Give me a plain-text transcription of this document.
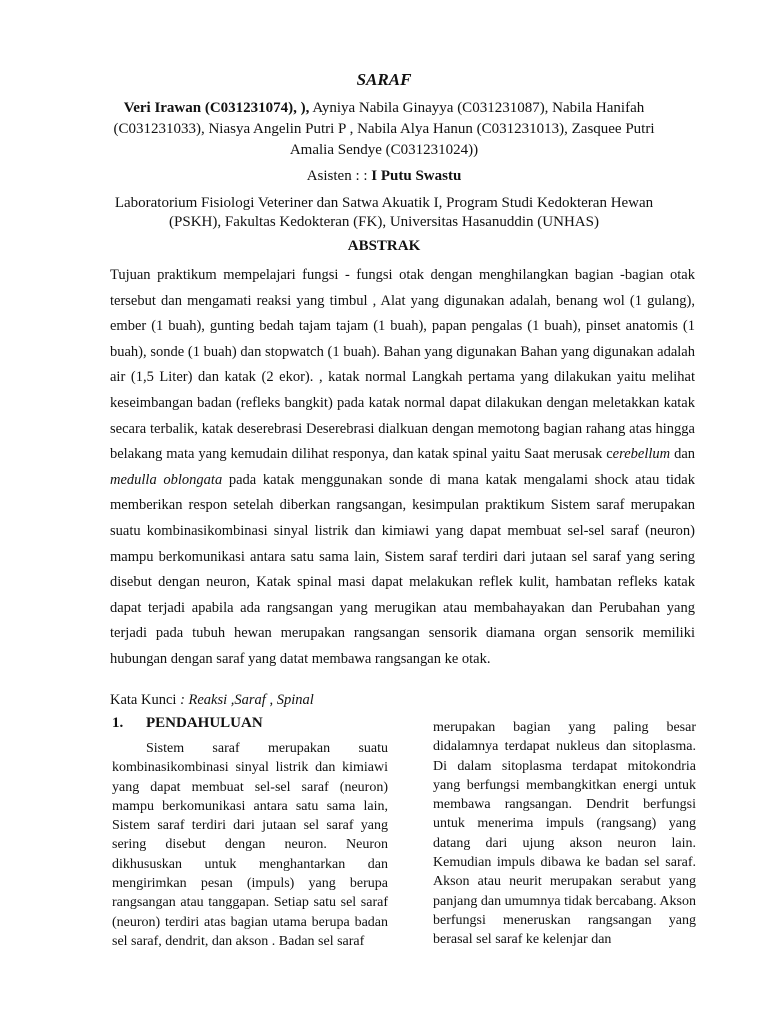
SARAF
Veri Irawan (C031231074), ), Ayniya Nabila Ginayya (C031231087), Nabila Hanifah (C031231033), Niasya Angelin Putri P , Nabila Alya Hanun (C031231013), Zasquee Putri Amalia Sendye (C031231024))
Asisten : : I Putu Swastu
Laboratorium Fisiologi Veteriner dan Satwa Akuatik I, Program Studi Kedokteran Hewan (PSKH), Fakultas Kedokteran (FK), Universitas Hasanuddin (UNHAS)
ABSTRAK
Tujuan praktikum mempelajari fungsi - fungsi otak dengan menghilangkan bagian -bagian otak tersebut dan mengamati reaksi yang timbul , Alat yang digunakan adalah, benang wol (1 gulang), ember (1 buah), gunting bedah tajam tajam (1 buah), papan pengalas (1 buah), pinset anatomis (1 buah), sonde (1 buah) dan stopwatch (1 buah). Bahan yang digunakan Bahan yang digunakan adalah air (1,5 Liter) dan katak (2 ekor). , katak normal Langkah pertama yang dilakukan yaitu melihat keseimbangan badan (refleks bangkit) pada katak normal dapat dilakukan dengan meletakkan katak secara terbalik, katak deserebrasi Deserebrasi dialkuan dengan memotong bagian rahang atas hingga belakang mata yang kemudain dilihat responya, dan katak spinal yaitu Saat merusak cerebellum dan medulla oblongata pada katak menggunakan sonde di mana katak mengalami shock atau tidak memberikan respon setelah diberkan rangsangan, kesimpulan praktikum Sistem saraf merupakan suatu kombinasikombinasi sinyal listrik dan kimiawi yang dapat membuat sel-sel saraf (neuron) mampu berkomunikasi antara satu sama lain, Sistem saraf terdiri dari jutaan sel saraf yang sering disebut dengan neuron, Katak spinal masi dapat melakukan reflek kulit, hambatan refleks katak dapat terjadi apabila ada rangsangan yang merugikan atau membahayakan dan Perubahan yang terjadi pada tubuh hewan merupakan rangsangan sensorik diamana organ sensorik memiliki hubungan dengan saraf yang datat membawa rangsangan ke otak.
Kata Kunci : Reaksi ,Saraf , Spinal
1. PENDAHULUAN

Sistem saraf merupakan suatu kombinasikombinasi sinyal listrik dan kimiawi yang dapat membuat sel-sel saraf (neuron) mampu berkomunikasi antara satu sama lain, Sistem saraf terdiri dari jutaan sel saraf yang sering disebut dengan neuron. Neuron dikhususkan untuk menghantarkan dan mengirimkan pesan (impuls) yang berupa rangsangan atau tanggapan. Setiap satu sel saraf (neuron) terdiri atas bagian utama berupa badan sel saraf, dendrit, dan akson . Badan sel saraf

merupakan bagian yang paling besar didalamnya terdapat nukleus dan sitoplasma. Di dalam sitoplasma terdapat mitokondria yang berfungsi membangkitkan energi untuk membawa rangsangan. Dendrit berfungsi untuk menerima impuls (rangsang) yang datang dari ujung akson neuron lain. Kemudian impuls dibawa ke badan sel saraf. Akson atau neurit merupakan serabut yang panjang dan umumnya tidak bercabang. Akson berfungsi meneruskan rangsangan yang berasal sel saraf ke kelenjar dan
